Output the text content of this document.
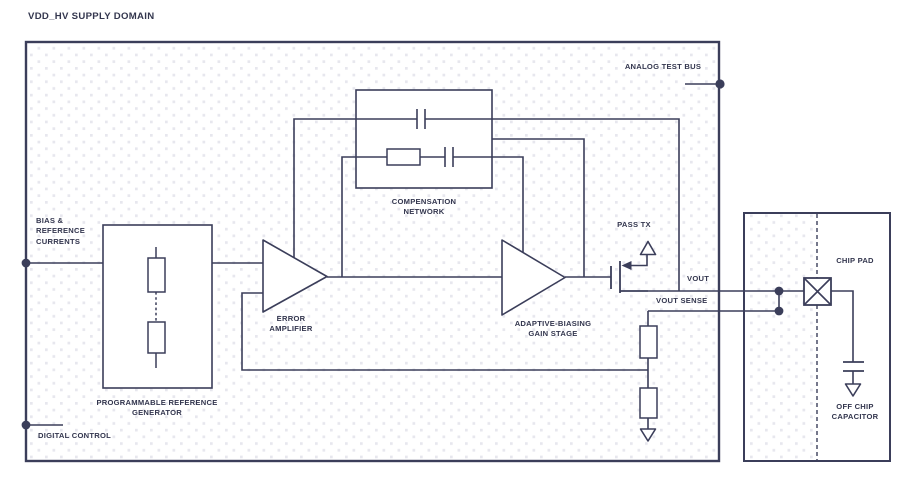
VDD_HV SUPPLY DOMAIN
ANALOG TEST BUS
BIAS &
REFERENCE
CURRENTS
PROGRAMMABLE REFERENCE
GENERATOR
DIGITAL CONTROL
ERROR
AMPLIFIER
COMPENSATION
NETWORK
ADAPTIVE-BIASING
GAIN STAGE
PASS TX
VOUT
VOUT SENSE
CHIP PAD
OFF CHIP
CAPACITOR
